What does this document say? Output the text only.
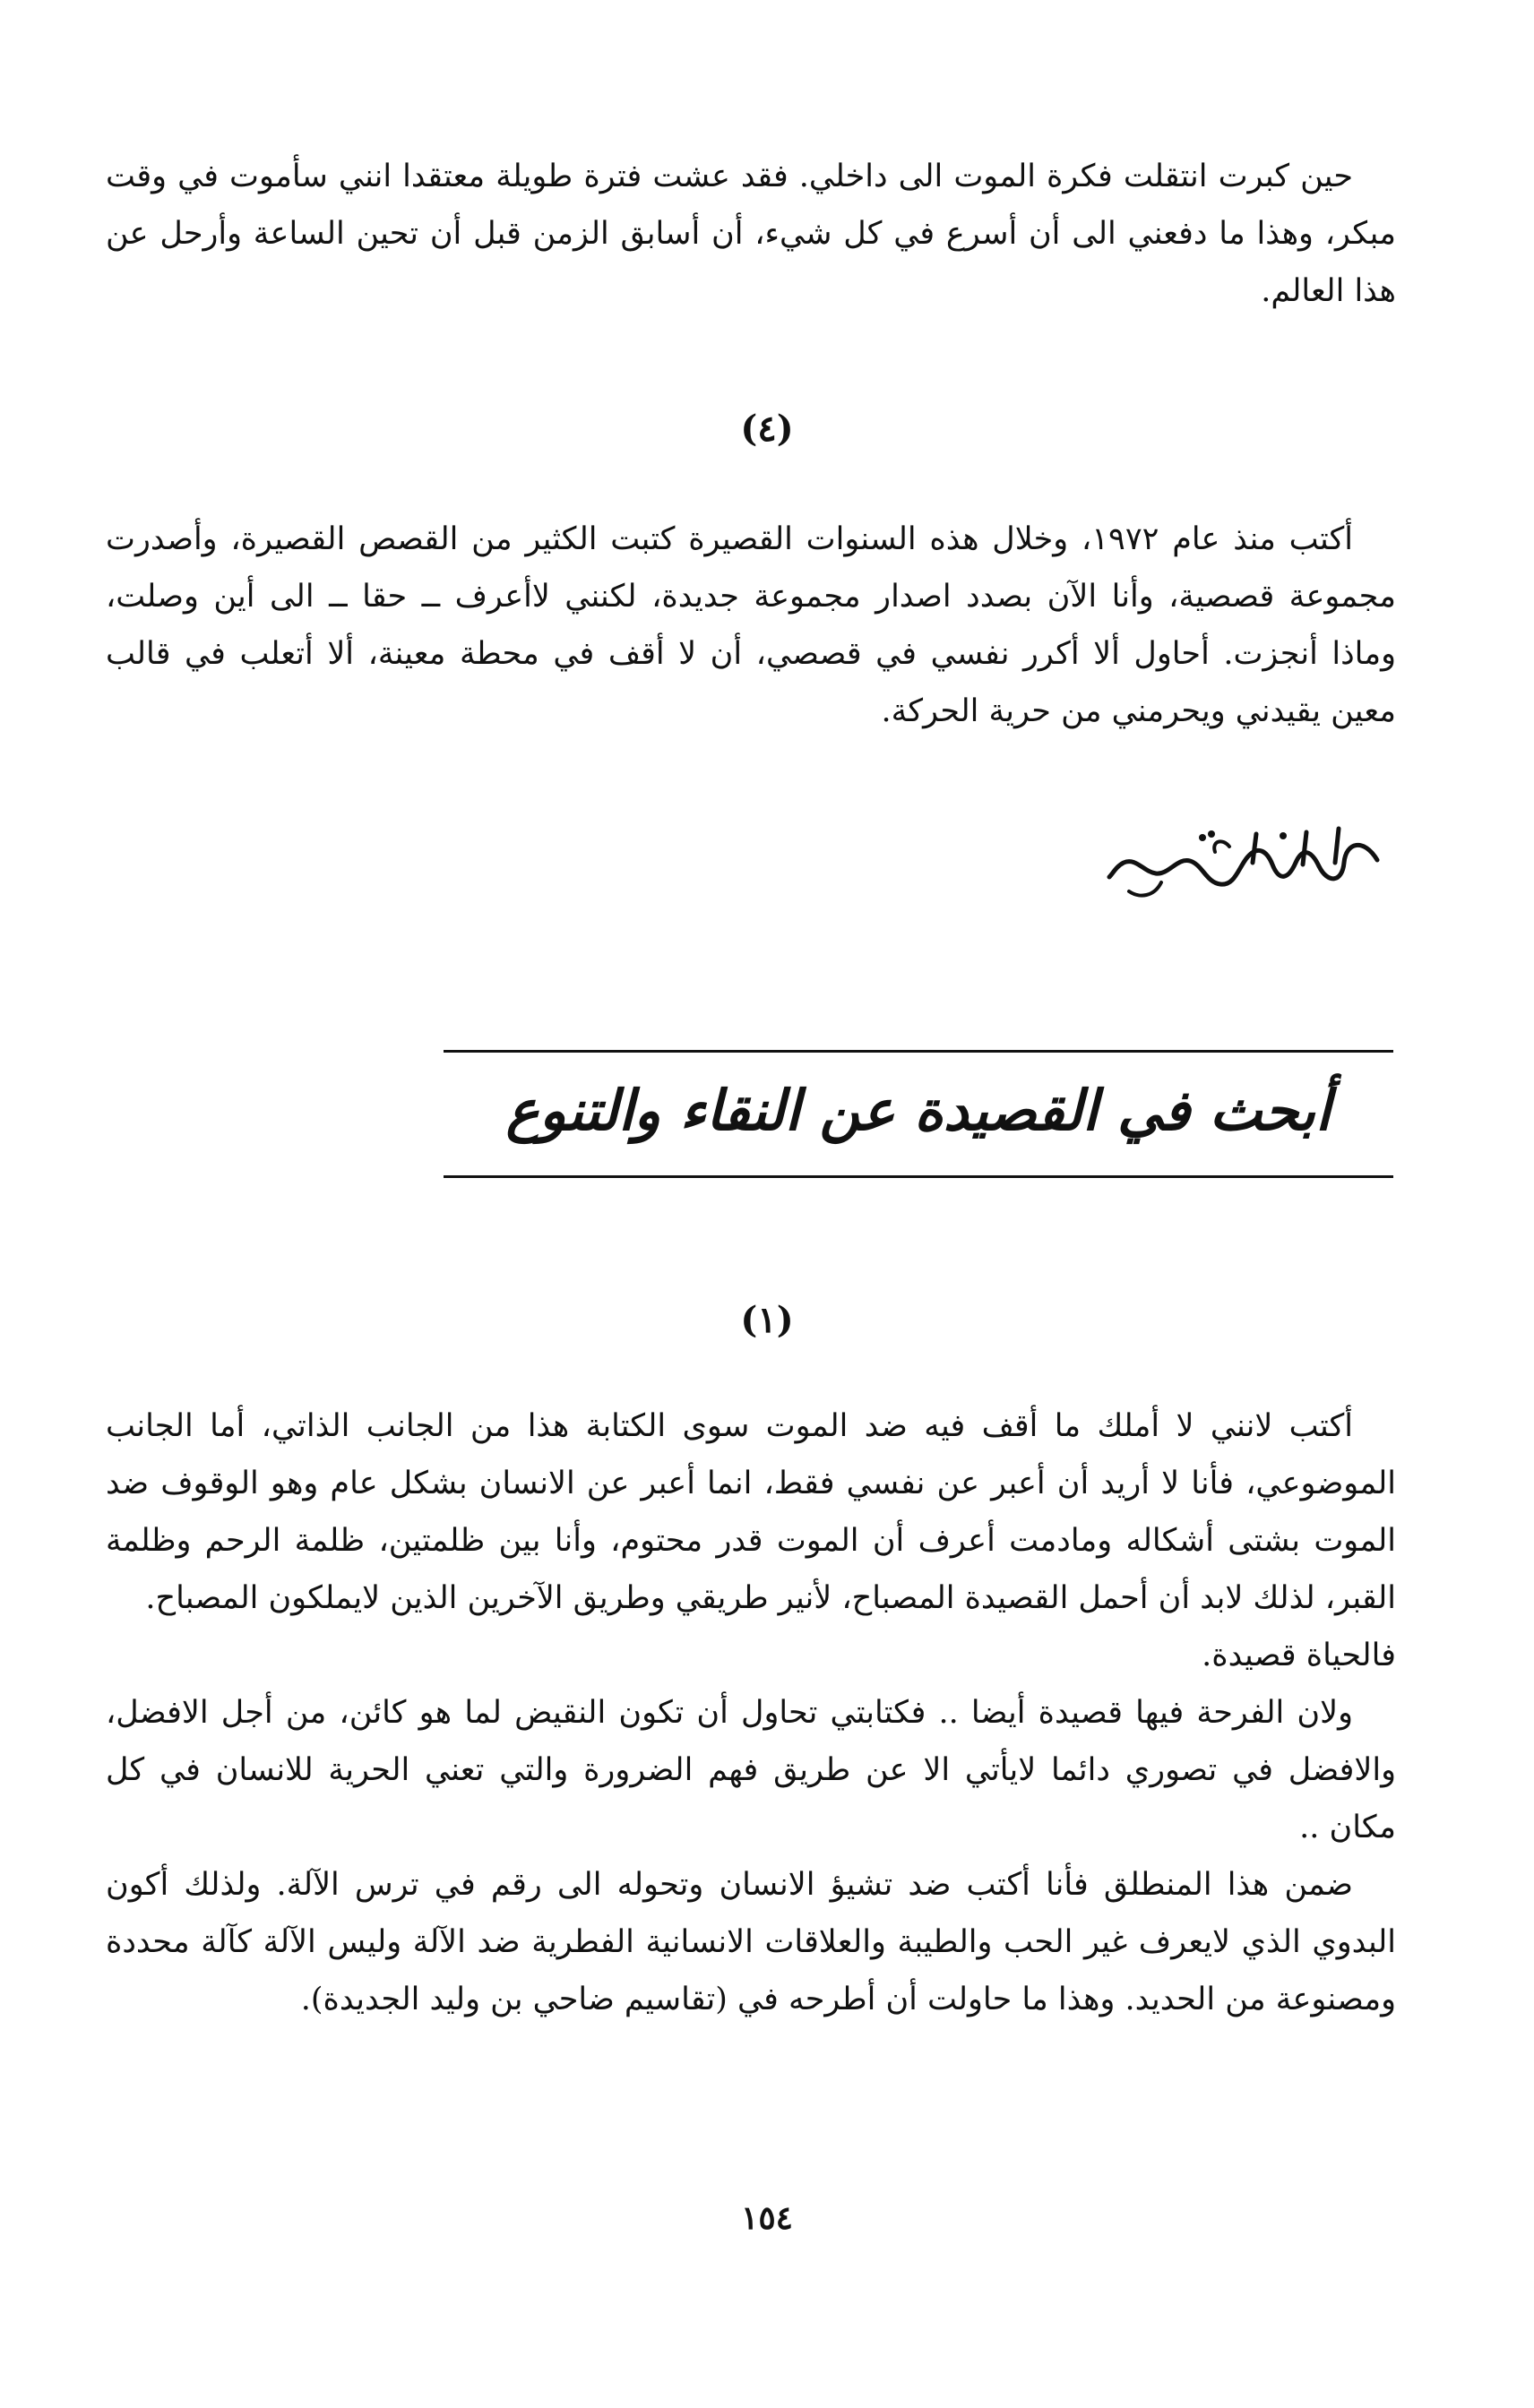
حين كبرت انتقلت فكرة الموت الى داخلي. فقد عشت فترة طويلة معتقدا انني سأموت في وقت مبكر، وهذا ما دفعني الى أن أسرع في كل شيء، أن أسابق الزمن قبل أن تحين الساعة وأرحل عن هذا العالم.

(٤)

أكتب منذ عام ١٩٧٢، وخلال هذه السنوات القصيرة كتبت الكثير من القصص القصيرة، وأصدرت مجموعة قصصية، وأنا الآن بصدد اصدار مجموعة جديدة، لكنني لاأعرف ــ حقا ــ الى أين وصلت، وماذا أنجزت. أحاول ألا أكرر نفسي في قصصي، أن لا أقف في محطة معينة، ألا أتعلب في قالب معين يقيدني ويحرمني من حرية الحركة.

أبحث في القصيدة عن النقاء والتنوع
(١)

أكتب لانني لا أملك ما أقف فيه ضد الموت سوى الكتابة هذا من الجانب الذاتي، أما الجانب الموضوعي، فأنا لا أريد أن أعبر عن نفسي فقط، انما أعبر عن الانسان بشكل عام وهو الوقوف ضد الموت بشتى أشكاله ومادمت أعرف أن الموت قدر محتوم، وأنا بين ظلمتين، ظلمة الرحم وظلمة القبر، لذلك لابد أن أحمل القصيدة المصباح، لأنير طريقي وطريق الآخرين الذين لايملكون المصباح.

فالحياة قصيدة.

ولان الفرحة فيها قصيدة أيضا .. فكتابتي تحاول أن تكون النقيض لما هو كائن، من أجل الافضل، والافضل في تصوري دائما لايأتي الا عن طريق فهم الضرورة والتي تعني الحرية للانسان في كل مكان ..

ضمن هذا المنطلق فأنا أكتب ضد تشيؤ الانسان وتحوله الى رقم في ترس الآلة. ولذلك أكون البدوي الذي لايعرف غير الحب والطيبة والعلاقات الانسانية الفطرية ضد الآلة وليس الآلة كآلة محددة ومصنوعة من الحديد. وهذا ما حاولت أن أطرحه في (تقاسيم ضاحي بن وليد الجديدة).

١٥٤
